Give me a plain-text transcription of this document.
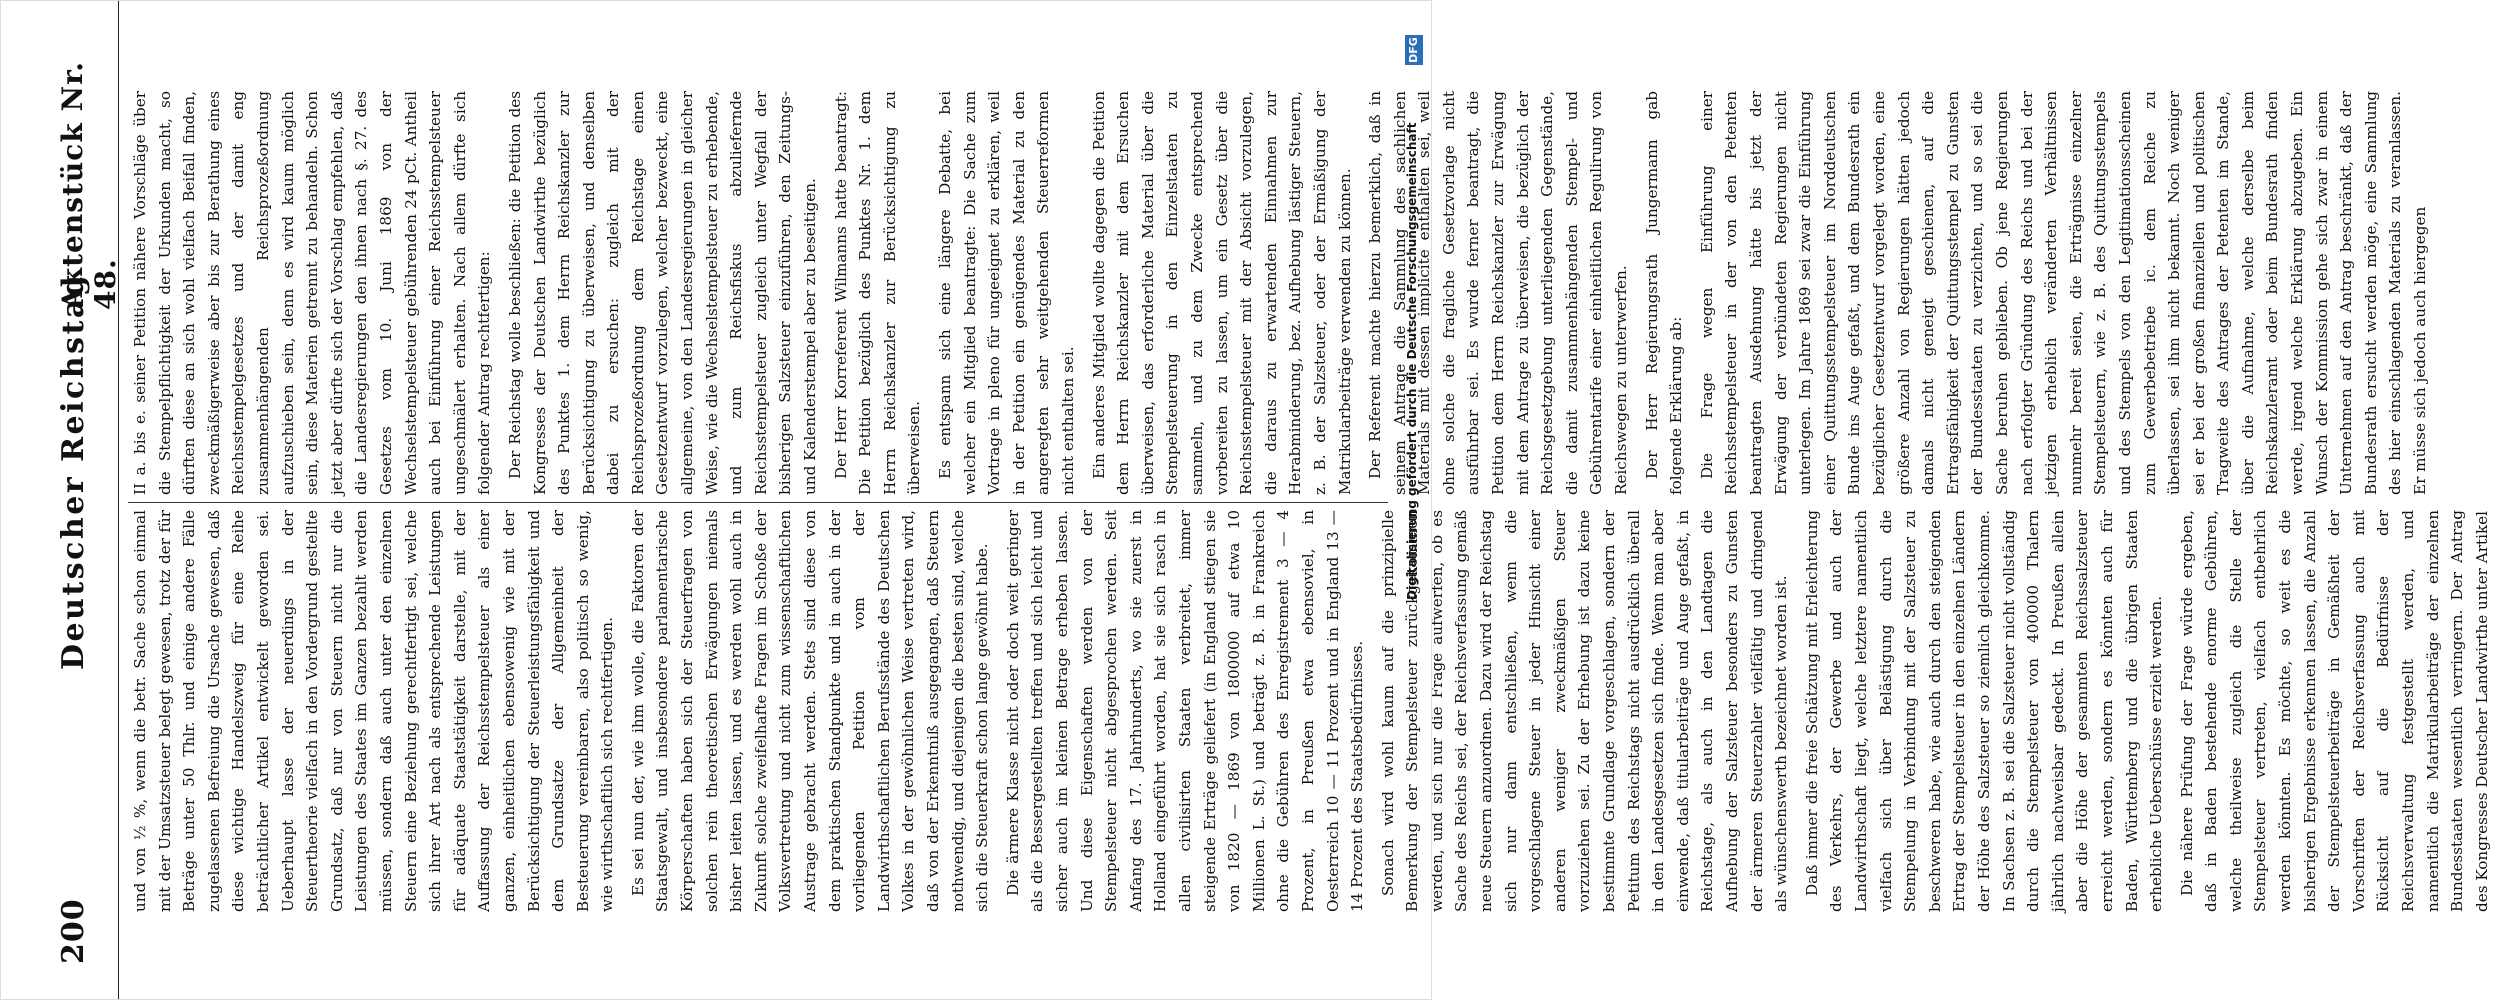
200
Deutscher Reichstag
Aktenstück Nr. 48.

und von ½ %, wenn die betr. Sache schon einmal mit der Umsatzsteuer belegt gewesen, trotz der für Beträge unter 50 Thlr. und einige andere Fälle zugelassenen Befreiung die Ursache gewesen, daß diese wichtige Handelszweig für eine Reihe beträchtlicher Artikel entwickelt geworden sei. Ueberhaupt lasse der neuerdings in der Steuertheorie vielfach in den Vordergrund gestellte Grundsatz, daß nur von Steuern nicht nur die Leistungen des Staates im Ganzen bezahlt werden müssen, sondern daß auch unter den einzelnen Steuern eine Beziehung gerechtfertigt sei, welche sich ihrer Art nach als entsprechende Leistungen für adäquate Staatstätigkeit darstelle, mit der Auffassung der Reichsstempelsteuer als einer ganzen, einheitlichen ebensowenig wie mit der Berücksichtigung der Steuerleistungsfähigkeit und dem Grundsatze der Allgemeinheit der Besteuerung vereinbaren, also politisch so wenig, wie wirthschaftlich sich rechtfertigen. Es sei nun der, wie ihm wolle, die Faktoren der Staatsgewalt, und insbesondere parlamentarische Körperschaften haben sich der Steuerfragen von solchen rein theoretischen Erwägungen niemals bisher leiten lassen, und es werden wohl auch in Zukunft solche zweifelhafte Fragen im Schoße der Volksvertretung und nicht zum wissenschaftlichen Austrage gebracht werden. Stets sind diese von dem praktischen Standpunkte und in auch in der vorliegenden Petition vom der Landwirthschaftlichen Berufsstände des Deutschen Volkes in der gewöhnlichen Weise vertreten wird, daß von der Erkenntniß ausgegangen, daß Steuern nothwendig, und diejenigen die besten sind, welche sich die Steuerkraft schon lange gewöhnt habe. Die ärmere Klasse nicht oder doch weit geringer als die Bessergestellten treffen und sich leicht und sicher auch im kleinen Betrage erheben lassen. Und diese Eigenschaften werden von der Stempelsteuer nicht abgesprochen werden. Seit Anfang des 17. Jahrhunderts, wo sie zuerst in Holland eingeführt worden, hat sie sich rasch in allen civilisirten Staaten verbreitet, immer steigende Erträge geliefert (in England stiegen sie von 1820 — 1869 von 1800000 auf etwa 10 Millionen L. St.) und beträgt z. B. in Frankreich ohne die Gebühren des Enregistrement 3 — 4 Prozent, in Preußen etwa ebensoviel, in Oesterreich 10 — 11 Prozent und in England 13 — 14 Prozent des Staatsbedürfnisses. Sonach wird wohl kaum auf die prinzipielle Bemerkung der Stempelsteuer zurückgekommen werden, und sich nur die Frage aufwerfen, ob es Sache des Reichs sei, der Reichsverfassung gemäß neue Steuern anzuordnen. Dazu wird der Reichstag sich nur dann entschließen, wenn die vorgeschlagene Steuer in jeder Hinsicht einer anderen weniger zweckmäßigen Steuer vorzuziehen sei. Zu der Erhebung ist dazu keine bestimmte Grundlage vorgeschlagen, sondern der Petitum des Reichstags nicht ausdrücklich überall in den Landesgesetzen sich finde. Wenn man aber einwende, daß titularbeiträge und Auge gefaßt, in Reichstage, als auch in den Landtagen die Aufhebung der Salzsteuer besonders zu Gunsten der ärmeren Steuerzahler vielfältig und dringend als wünschenswerth bezeichnet worden ist. Daß immer die freie Schätzung mit Erleichterung des Verkehrs, der Gewerbe und auch der Landwirthschaft liegt, welche letztere namentlich vielfach sich über Belästigung durch die Stempelung in Verbindung mit der Salzsteuer zu beschweren habe, wie auch durch den steigenden Ertrag der Stempelsteuer in den einzelnen Ländern der Höhe des Salzsteuer so ziemlich gleichkomme. In Sachsen z. B. sei die Salzsteuer nicht vollständig durch die Stempelsteuer von 400000 Thalern jährlich nachweisbar gedeckt. In Preußen allein aber die Höhe der gesammten Reichssalzsteuer erreicht werden, sondern es könnten auch für Baden, Württemberg und die übrigen Staaten erhebliche Ueberschüsse erzielt werden. Die nähere Prüfung der Frage würde ergeben, daß in Baden bestehende enorme Gebühren, welche theilweise zugleich die Stelle der Stempelsteuer vertreten, vielfach entbehrlich werden könnten. Es möchte, so weit es die bisherigen Ergebnisse erkennen lassen, die Anzahl der Stempelsteuerbeiträge in Gemäßheit der Vorschriften der Reichsverfassung auch mit Rücksicht auf die Bedürfnisse der Reichsverwaltung festgestellt werden, und namentlich die Matrikularbeiträge der einzelnen Bundesstaaten wesentlich verringern. Der Antrag des Kongresses Deutscher Landwirthe unter Artikel

II a. bis e. seiner Petition nähere Vorschläge über die Stempelpflichtigkeit der Urkunden macht, so dürften diese an sich wohl vielfach Beifall finden, zweckmäßigerweise aber bis zur Berathung eines Reichsstempelgesetzes und der damit eng zusammenhängenden Reichsprozeßordnung aufzuschieben sein, denn es wird kaum möglich sein, diese Materien getrennt zu behandeln. Schon jetzt aber dürfte sich der Vorschlag empfehlen, daß die Landesregierungen den ihnen nach §. 27. des Gesetzes vom 10. Juni 1869 von der Wechselstempelsteuer gebührenden 24 pCt. Antheil auch bei Einführung einer Reichsstempelsteuer ungeschmälert erhalten. Nach allem dürfte sich folgender Antrag rechtfertigen: Der Reichstag wolle beschließen: die Petition des Kongresses der Deutschen Landwirthe bezüglich des Punktes 1. dem Herrn Reichskanzler zur Berücksichtigung zu überweisen, und denselben dabei zu ersuchen: zugleich mit der Reichsprozeßordnung dem Reichstage einen Gesetzentwurf vorzulegen, welcher bezweckt, eine allgemeine, von den Landesregierungen in gleicher Weise, wie die Wechselstempelsteuer zu erhebende, und zum Reichsfiskus abzuliefernde Reichsstempelsteuer zugleich unter Wegfall der bisherigen Salzsteuer einzuführen, den Zeitungs- und Kalenderstempel aber zu beseitigen. Der Herr Korreferent Wilmanns hatte beantragt: Die Petition bezüglich des Punktes Nr. 1. dem Herrn Reichskanzler zur Berücksichtigung zu überweisen. Es entspann sich eine längere Debatte, bei welcher ein Mitglied beantragte: Die Sache zum Vortrage in pleno für ungeeignet zu erklären, weil in der Petition ein genügendes Material zu den angeregten sehr weitgehenden Steuerreformen nicht enthalten sei. Ein anderes Mitglied wollte dagegen die Petition dem Herrn Reichskanzler mit dem Ersuchen überweisen, das erforderliche Material über die Stempelsteuerung in den Einzelstaaten zu sammeln, und zu dem Zwecke entsprechend vorbereiten zu lassen, um ein Gesetz über die Reichsstempelsteuer mit der Absicht vorzulegen, die daraus zu erwartenden Einnahmen zur Herabminderung, bez. Aufhebung lästiger Steuern, z. B. der Salzsteuer, oder der Ermäßigung der Matrikularbeiträge verwenden zu können. Der Referent machte hierzu bemerklich, daß in seinem Antrage die Sammlung des sachlichen Materials mit dessen implicite enthalten sei, weil ohne solche die fragliche Gesetzvorlage nicht ausführbar sei. Es wurde ferner beantragt, die Petition dem Herrn Reichskanzler zur Erwägung mit dem Antrage zu überweisen, die bezüglich der Reichsgesetzgebung unterliegenden Gegenstände, die damit zusammenhängenden Stempel- und Gebührentarife einer einheitlichen Regulirung von Reichswegen zu unterwerfen. Der Herr Regierungsrath Jungermann gab folgende Erklärung ab: Die Frage wegen Einführung einer Reichsstempelsteuer in der von den Petenten beantragten Ausdehnung hätte bis jetzt der Erwägung der verbündeten Regierungen nicht unterlegen. Im Jahre 1869 sei zwar die Einführung einer Quittungsstempelsteuer im Norddeutschen Bunde ins Auge gefaßt, und dem Bundesrath ein bezüglicher Gesetzentwurf vorgelegt worden, eine größere Anzahl von Regierungen hätten jedoch damals nicht geneigt geschienen, auf die Ertragsfähigkeit der Quittungsstempel zu Gunsten der Bundesstaaten zu verzichten, und so sei die Sache beruhen geblieben. Ob jene Regierungen nach erfolgter Gründung des Reichs und bei der jetzigen erheblich veränderten Verhältnissen nunmehr bereit seien, die Erträgnisse einzelner Stempelsteuern, wie z. B. des Quittungsstempels und des Stempels von den Legitimationsscheinen zum Gewerbebetriebe ic. dem Reiche zu überlassen, sei ihm nicht bekannt. Noch weniger sei er bei der großen finanziellen und politischen Tragweite des Antrages der Petenten im Stande, über die Aufnahme, welche derselbe beim Reichskanzleramt oder beim Bundesrath finden werde, irgend welche Erklärung abzugeben. Ein Wunsch der Kommission gehe sich zwar in einem Unternehmen auf den Antrag beschränkt, daß der Bundesrath ersucht werden möge, eine Sammlung des hier einschlagenden Materials zu veranlassen. Er müsse sich jedoch auch hiergegen

Digitalisierung gefördert durch die Deutsche Forschungsgemeinschaft
DFG
